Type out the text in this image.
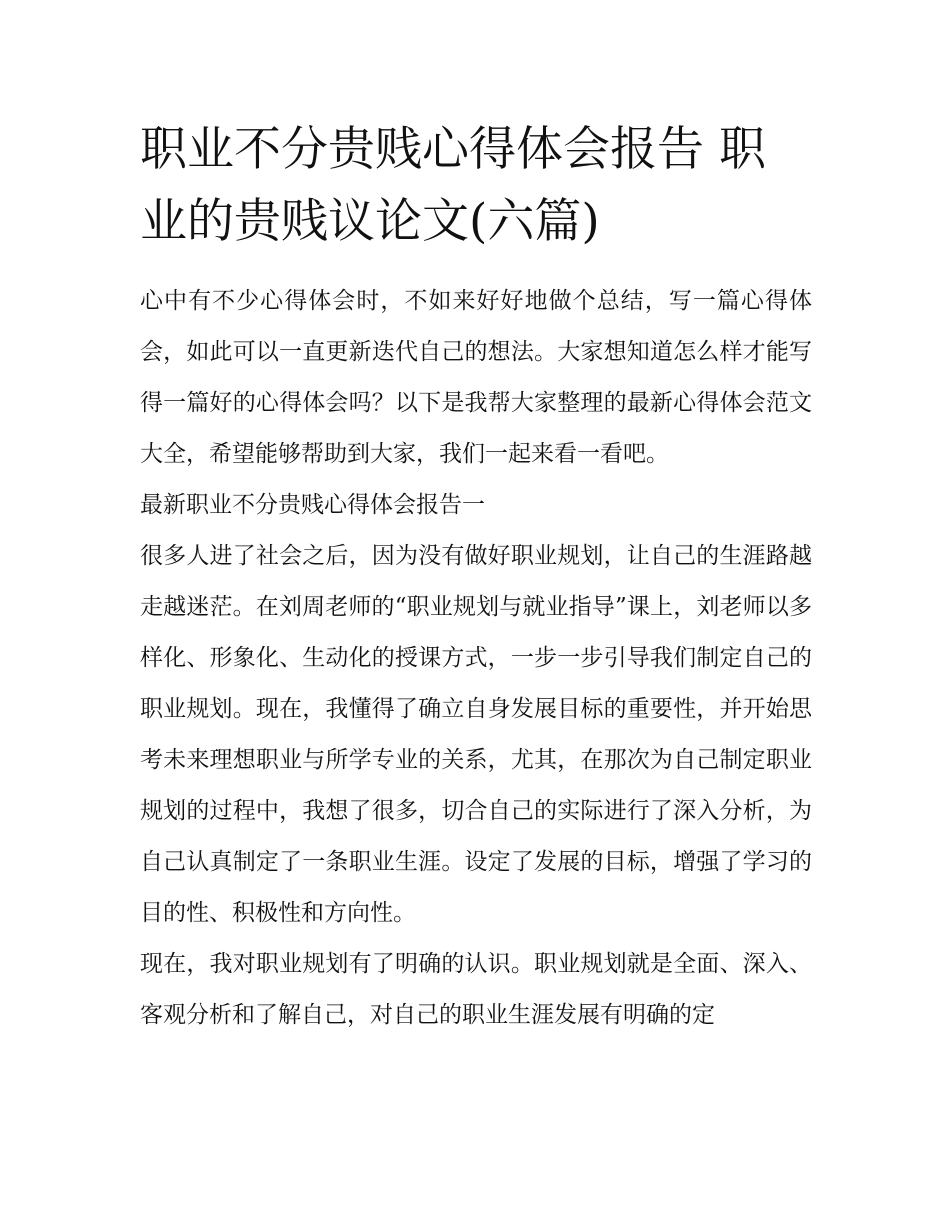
职业不分贵贱心得体会报告 职业的贵贱议论文(六篇)

心中有不少心得体会时，不如来好好地做个总结，写一篇心得体会，如此可以一直更新迭代自己的想法。大家想知道怎么样才能写得一篇好的心得体会吗？以下是我帮大家整理的最新心得体会范文大全，希望能够帮助到大家，我们一起来看一看吧。

最新职业不分贵贱心得体会报告一

很多人进了社会之后，因为没有做好职业规划，让自己的生涯路越走越迷茫。在刘周老师的“职业规划与就业指导”课上，刘老师以多样化、形象化、生动化的授课方式，一步一步引导我们制定自己的职业规划。现在，我懂得了确立自身发展目标的重要性，并开始思考未来理想职业与所学专业的关系，尤其，在那次为自己制定职业规划的过程中，我想了很多，切合自己的实际进行了深入分析，为自己认真制定了一条职业生涯。设定了发展的目标，增强了学习的目的性、积极性和方向性。

现在，我对职业规划有了明确的认识。职业规划就是全面、深入、客观分析和了解自己，对自己的职业生涯发展有明确的定
